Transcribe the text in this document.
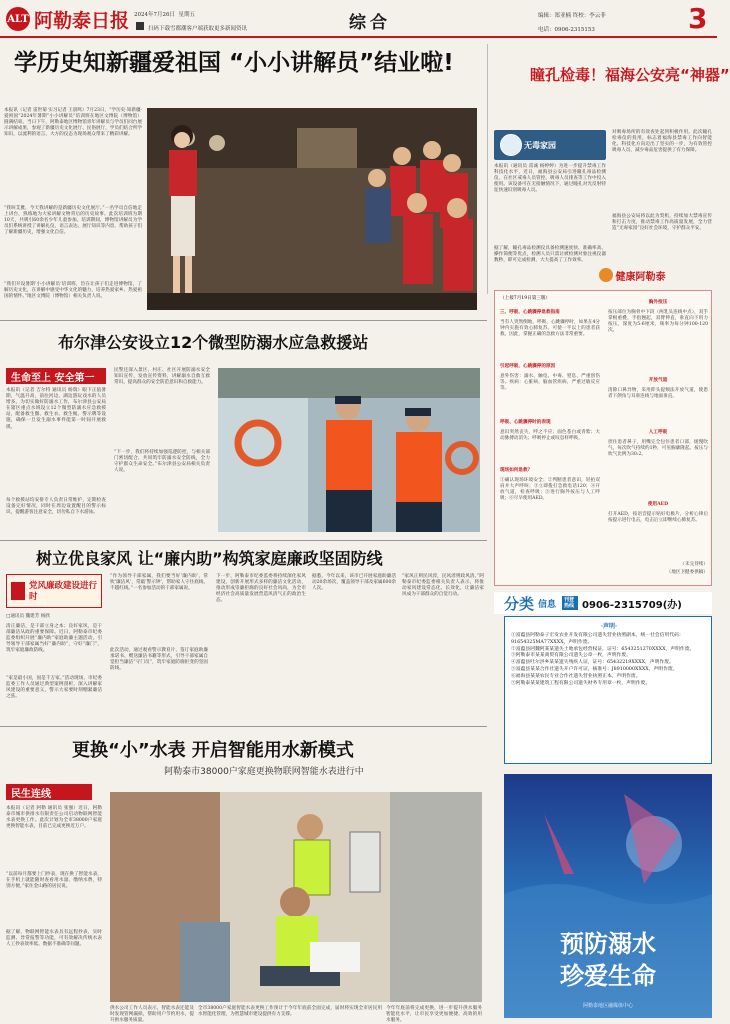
ALT 阿勒泰日报 2024年7月26日 星期五
扫码下载雪都潮客户端获取更多新闻资讯	综合	编辑：郑亚楠 终校：李云菲
电话：0906-2315153	3
学历史知新疆爱祖国 “小小讲解员”结业啦!
本报讯（记者 雷世菊 实习记者 王晨鸣）7月23日，“学历史·知新疆·爱祖国”2024年暑期“小小讲解员”培训班在地区文博院（博物馆）圆满结束。当日下午，阿勒泰地区博物馆青年讲解员与学员们同台展示讲解成果，参观了新疆历史文化展厅、民俗展厅，学员们结合所学知识，以流利的语言、大方的仪态为现场观众带来了精彩讲解。
“我叫艾雅，今天我讲解的是新疆历史文化展厅。”一名学员自信地走上讲台，熟练地为大家讲解文物背后的历史故事。此次培训班为期10天，共吸引60余名少年儿童参加。培训期间，博物馆讲解员为学员们系统讲授了讲解礼仪、语言表达、展厅知识等内容，帮助孩子们了解新疆历史，增强文化自信。
“我们开设暑期‘小小讲解员’培训班，旨在让孩子们走进博物馆，了解历史文化，在讲解中感受中华文化的魅力，培养热爱家乡、热爱祖国的情怀。”地区文博院（博物馆）相关负责人说。
瞳孔检毒！福海公安亮“神器”
无毒家园
本报讯（通讯员 雷诚 杨婷婷）为进一步提升禁毒工作科技化水平，近日，福海县公安局引进瞳孔毒品检测仪，在社区戒毒人员管控、吸毒人员排查等工作中投入使用。该设备可在无接触情况下，通过瞳孔对光反射特征快速识别吸毒人员。
据了解，瞳孔毒品检测仪具备检测速度快、准确率高、操作简便等优点，检测人员只需让被检测对象注视仪器数秒，即可完成检测，大大提高了工作效率。
对吸毒场所的有效查处起到积极作用。此次瞳孔检毒仪的投用，标志着福海县禁毒工作向智能化、科技化方向迈出了坚实的一步，为有效管控吸毒人员、减少毒品危害提供了有力保障。
福海县公安局将以此为契机，持续加大禁毒宣传和打击力度，推动禁毒工作高质量发展，全力营造“无毒家园”良好社会环境，守护群众平安。
布尔津公安设立12个微型防溺水应急救援站
生命至上 安全第一
本报讯（记者 吉尔特 通讯员 杨瑞）眼下正值暑期，气温升高，前往河边、湖边游玩戏水的人员增多。为切实做好防溺水工作，布尔津县公安局在辖区重点水域设立12个微型防溺水应急救援站，配备救生圈、救生衣、救生绳、警示牌等设施，确保一旦发生溺水事件能第一时间开展救援。
每个救援站均安排专人负责日常维护，定期检查设备完好情况，同时在周边设置醒目的警示标识，提醒游客注意安全，切勿私自下水游泳。
民警还深入景区、村庄、社区开展防溺水安全知识宣传，发放宣传资料，讲解溺水自救互救常识，提高群众的安全防范意识和自救能力。
“下一步，我们将持续加强巡逻防控，与相关部门密切配合，共同筑牢防溺水安全防线，全力守护群众生命安全。”布尔津县公安局相关负责人说。
健康阿勒泰
（上接7月19日第三版）
三、呼吸、心跳骤停急救指南
当有人突然倒地，呼吸、心跳骤停时，如果在4分钟内实施有效心肺复苏，可使一半以上的患者获救。因此，掌握正确的急救方法非常重要。
引起呼吸、心跳骤停的原因
意外伤害：溺水、触电、中毒、窒息、严重创伤等。疾病：心脏病、脑血管疾病、严重过敏反应等。
呼吸、心跳骤停时的表现
意识突然丧失，呼之不应；面色苍白或青紫；大动脉搏动消失；呼吸停止或叹息样呼吸。
现场如何急救？
①确认现场环境安全；②判断患者意识，轻拍双肩并大声呼叫；③立即拨打急救电话120；④开放气道，检查呼吸；⑤进行胸外按压与人工呼吸；⑥尽早使用AED。
胸外按压
按压部位为胸骨中下段（两乳头连线中点），双手掌根重叠，手指翘起，双臂伸直，垂直向下用力按压，深度为5-6厘米，频率为每分钟100-120次。
开放气道
清除口鼻异物，采用仰头提颏法开放气道，使患者下颌角与耳垂连线与地面垂直。
人工呼吸
捏住患者鼻子，用嘴完全包住患者口部，缓慢吹气，每次吹气持续约1秒，可见胸廓隆起。按压与吹气比例为30:2。
使用AED
打开AED，按语音提示贴好电极片，分析心律后按提示进行电击，电击后立即继续心肺复苏。
（未完待续）
（地区卫健委供稿）
树立优良家风 让“廉内助”构筑家庭廉政坚固防线
党风廉政建设进行时
□通讯员 魏建芳 杨欣
清正廉洁，是干部立身之本；良好家风，是干部廉洁从政的重要保障。近日，阿勒泰市纪委监委组织开展“廉内助”家庭助廉主题活动，引导领导干部家属当好“廉内助”，守好“廉门”，筑牢家庭廉政防线。
“家是最小国，国是千万家。”活动现场，市纪委监委工作人员通过典型案例剖析，深入讲解家风建设的重要意义，警示大家要时刻绷紧廉洁之弦。
“作为领导干部家属，我们要当好‘廉内助’，常吹‘廉洁风’，常敲‘警示钟’，帮助家人守住底线、不越红线。”一名参加活动的干部家属说。
此次活动，通过观看警示教育片、签订家庭助廉承诺书、赠送廉洁书籍等形式，引导干部家属自觉担当廉洁“守门员”，筑牢家庭防腐拒变的坚固防线。
下一步，阿勒泰市纪委监委将持续深化家风建设，创新开展形式多样的廉洁文化活动，推动形成崇廉拒腐的良好社会风尚，为全市经济社会高质量发展营造风清气正的政治生态。
据悉，今年以来，该市已开展家庭助廉活动20余场次，覆盖领导干部及家属600余人次。
“家风正则民风淳，民风淳则政风清。”阿勒泰市纪委监委相关负责人表示，将推动家风建设常态化、长效化，让廉洁家风成为干部群众的自觉行动。	分类 信息	刊登热线 0906-2315709(办)
·声明·
①富蕴县阿勒泰子宏发农业开发有限公司遗失营业执照副本，统一社会信用代码：91654325MA77XXXX，声明作废。
②富蕴县阿魏阿某某遗失土地承包经营权证，证号：6543251270XXXX，声明作废。
③阿勒泰市某某商贸有限公司遗失公章一枚，声明作废。
④富蕴县吐尔洪乡某某遗失残疾人证，证号：65432219XXXX，声明作废。
⑤富蕴县某某合作社遗失开户许可证，核准号：J8910000XXXX，声明作废。
⑥福海县某某农民专业合作社遗失营业执照正本，声明作废。
⑦阿勒泰某某建筑工程有限公司遗失财务专用章一枚，声明作废。
更换“小”水表 开启智能用水新模式
阿勒泰市38000户家庭更换物联网智能水表进行中
民生连线
本报讯（记者 阿勒 通讯员 张强）近日，阿勒泰市城市供排水有限责任公司启动物联网智能水表更换工作。此次计划为全市38000户家庭更换智能水表，目前已完成更换近万户。
“以前每月都要上门抄表，现在换了智能水表，在手机上就能随时查看用水量、缴纳水费，特别方便。”家住金山路的居民说。
据了解，物联网智能水表具有远程抄表、实时监测、异常报警等功能，可有效解决传统水表人工抄表效率低、数据不准确等问题。
供水公司工作人员表示，智能水表还能及时发现管网漏损，帮助用户节约用水，提升供水服务质量。
全市38000户家庭智能水表更换工作预计于今年年底前全面完成，届时将实现全市居民用水智能化管理，为智慧城市建设提供有力支撑。
今年年底前将完成更换，进一步提升供水服务智能化水平，让市民享受更加便捷、高效的用水服务。
预防溺水
珍爱生命
阿勒泰地区融媒体中心
